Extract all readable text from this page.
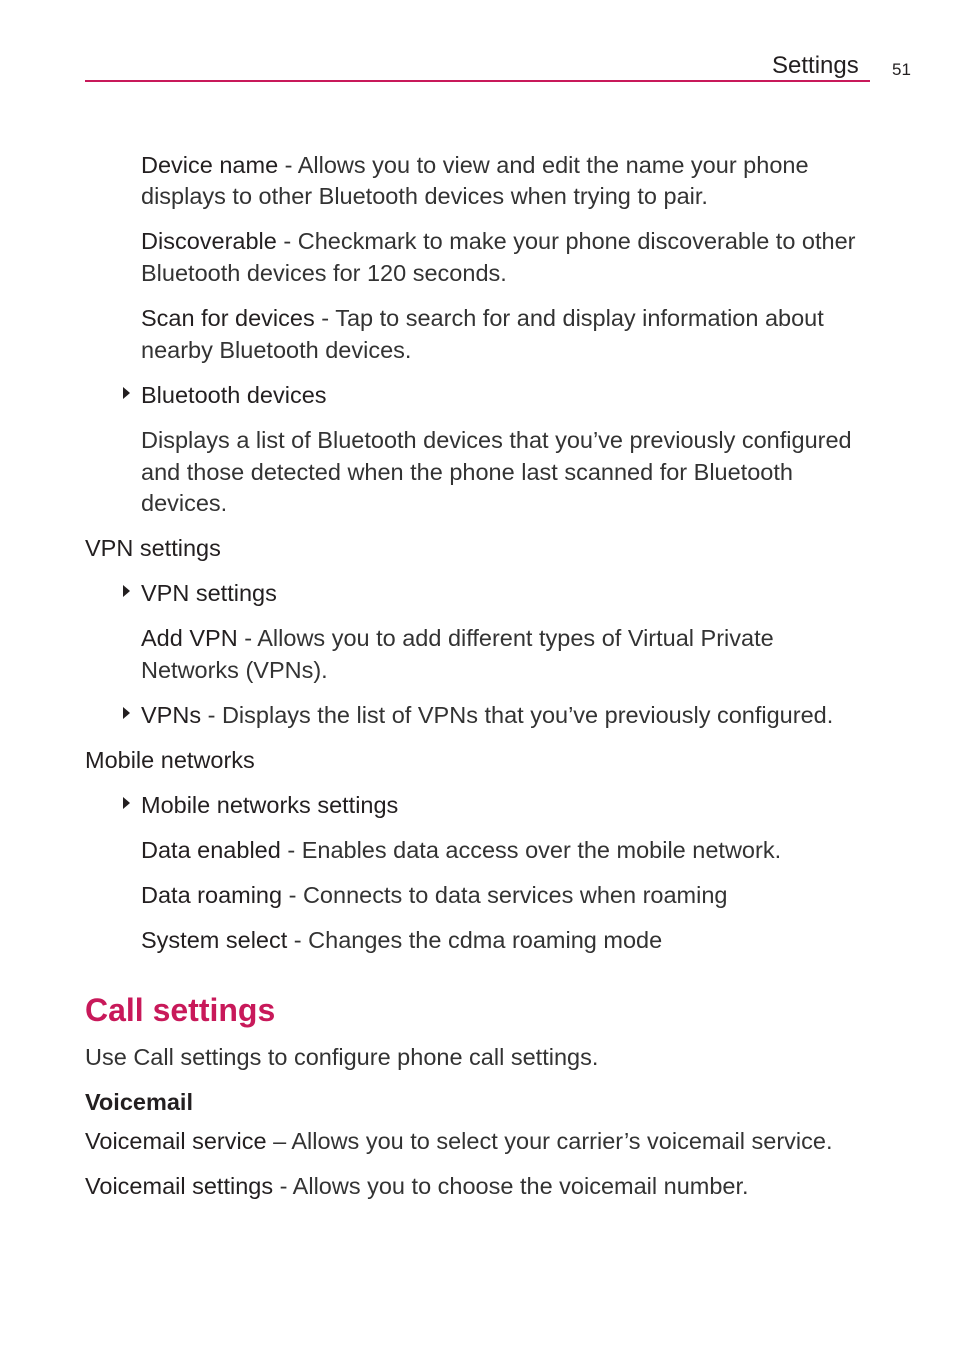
Settings 51
Device name - Allows you to view and edit the name your phone
displays to other Bluetooth devices when trying to pair.
Discoverable - Checkmark to make your phone discoverable to other
Bluetooth devices for 120 seconds.
Scan for devices - Tap to search for and display information about
nearby Bluetooth devices.
Bluetooth devices
Displays a list of Bluetooth devices that you’ve previously configured
and those detected when the phone last scanned for Bluetooth
devices.
VPN settings
VPN settings
Add VPN - Allows you to add different types of Virtual Private
Networks (VPNs).
VPNs - Displays the list of VPNs that you’ve previously configured.
Mobile networks
Mobile networks settings
Data enabled - Enables data access over the mobile network.
Data roaming - Connects to data services when roaming
System select - Changes the cdma roaming mode
Call settings
Use Call settings to configure phone call settings.
Voicemail
Voicemail service – Allows you to select your carrier’s voicemail service.
Voicemail settings - Allows you to choose the voicemail number.
